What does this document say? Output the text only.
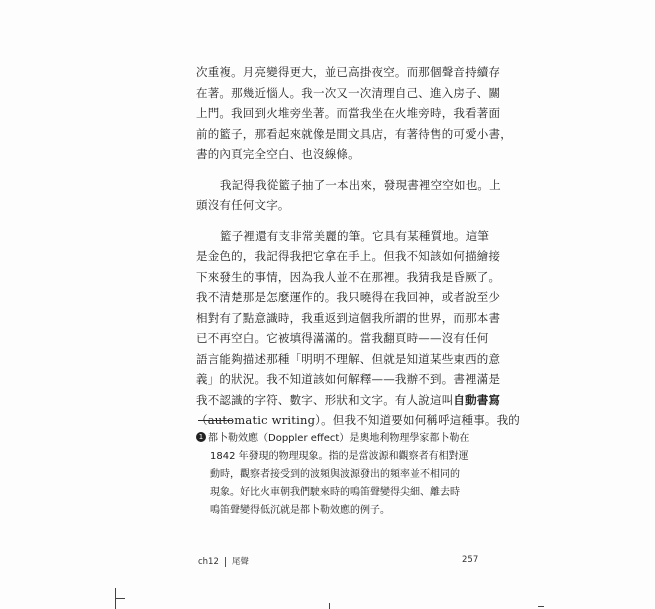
次重複。月亮變得更大，並已高掛夜空。而那個聲音持續存
在著。那幾近惱人。我一次又一次清理自己、進入房子、關
上門。我回到火堆旁坐著。而當我坐在火堆旁時，我看著面
前的籃子，那看起來就像是間文具店，有著待售的可愛小書，
書的內頁完全空白、也沒線條。
我記得我從籃子抽了一本出來，發現書裡空空如也。上
頭沒有任何文字。
籃子裡還有支非常美麗的筆。它具有某種質地。這筆
是金色的，我記得我把它拿在手上。但我不知該如何描繪接
下來發生的事情，因為我人並不在那裡。我猜我是昏厥了。
我不清楚那是怎麼運作的。我只曉得在我回神，或者說至少
相對有了點意識時，我重返到這個我所謂的世界，而那本書
已不再空白。它被填得滿滿的。當我翻頁時——沒有任何
語言能夠描述那種「明明不理解、但就是知道某些東西的意
義」的狀況。我不知道該如何解釋——我辦不到。書裡滿是
我不認識的字符、數字、形狀和文字。有人說這叫自動書寫
（automatic writing）。但我不知道要如何稱呼這種事。我的
1 都卜勒效應（Doppler effect）是奧地利物理學家都卜勒在
1842 年發現的物理現象。指的是當波源和觀察者有相對運
動時，觀察者接受到的波頻與波源發出的頻率並不相同的
現象。好比火車朝我們駛來時的鳴笛聲變得尖細、離去時
鳴笛聲變得低沉就是都卜勒效應的例子。
ch12 尾聲	257
